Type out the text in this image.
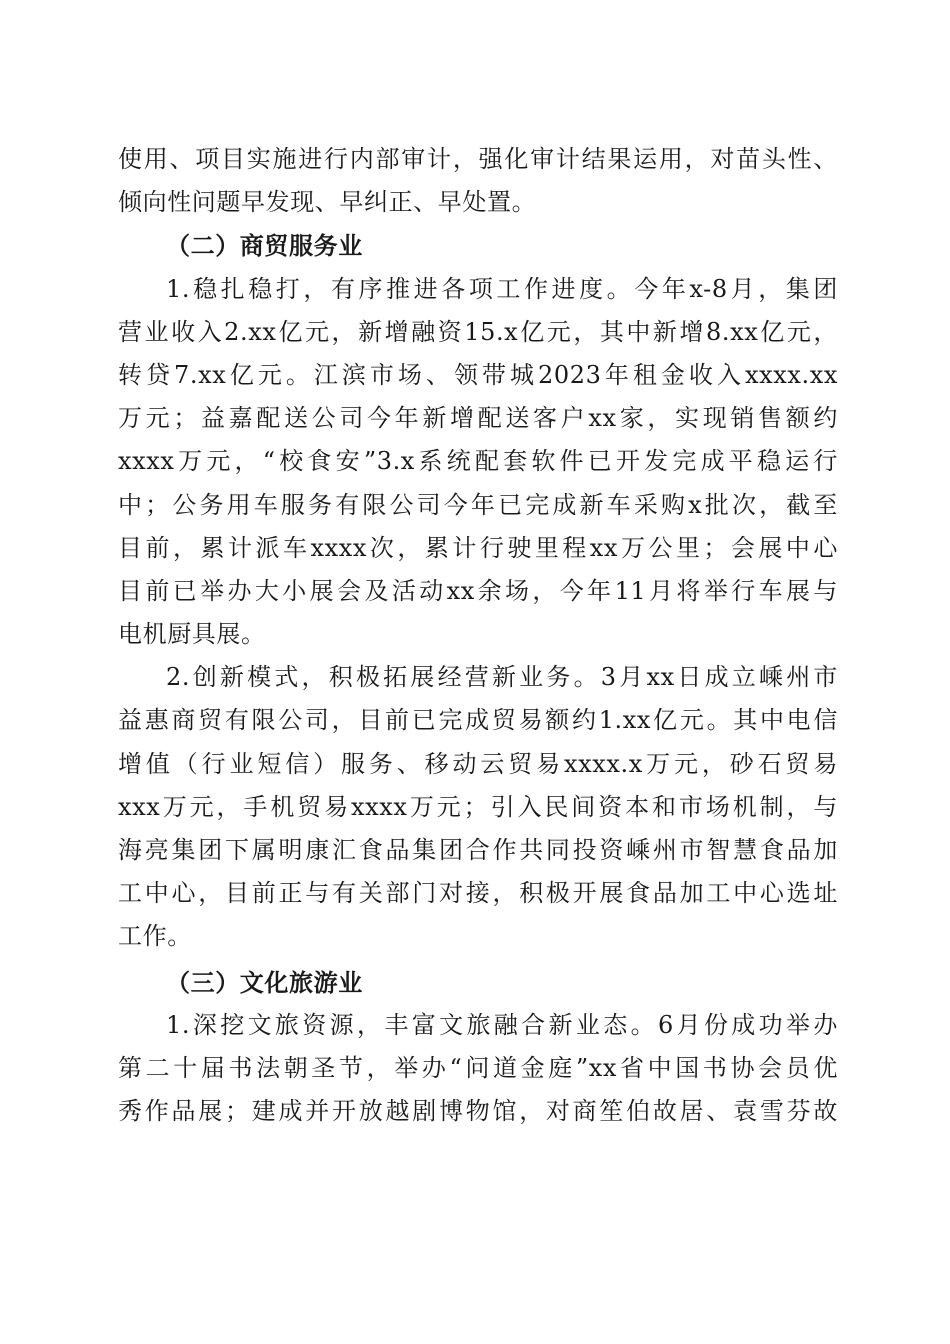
使用、项目实施进行内部审计，强化审计结果运用，对苗头性、
倾向性问题早发现、早纠正、早处置。
（二）商贸服务业
1.稳扎稳打，有序推进各项工作进度。今年x-8月，集团
营业收入2.xx亿元，新增融资15.x亿元，其中新增8.xx亿元，
转贷7.xx亿元。江滨市场、领带城2023年租金收入xxxx.xx
万元；益嘉配送公司今年新增配送客户xx家，实现销售额约
xxxx万元，“校食安”3.x系统配套软件已开发完成平稳运行
中；公务用车服务有限公司今年已完成新车采购x批次，截至
目前，累计派车xxxx次，累计行驶里程xx万公里；会展中心
目前已举办大小展会及活动xx余场，今年11月将举行车展与
电机厨具展。
2.创新模式，积极拓展经营新业务。3月xx日成立嵊州市
益惠商贸有限公司，目前已完成贸易额约1.xx亿元。其中电信
增值（行业短信）服务、移动云贸易xxxx.x万元，砂石贸易
xxx万元，手机贸易xxxx万元；引入民间资本和市场机制，与
海亮集团下属明康汇食品集团合作共同投资嵊州市智慧食品加
工中心，目前正与有关部门对接，积极开展食品加工中心选址
工作。
（三）文化旅游业
1.深挖文旅资源，丰富文旅融合新业态。6月份成功举办
第二十届书法朝圣节，举办“问道金庭”xx省中国书协会员优
秀作品展；建成并开放越剧博物馆，对商笙伯故居、袁雪芬故
